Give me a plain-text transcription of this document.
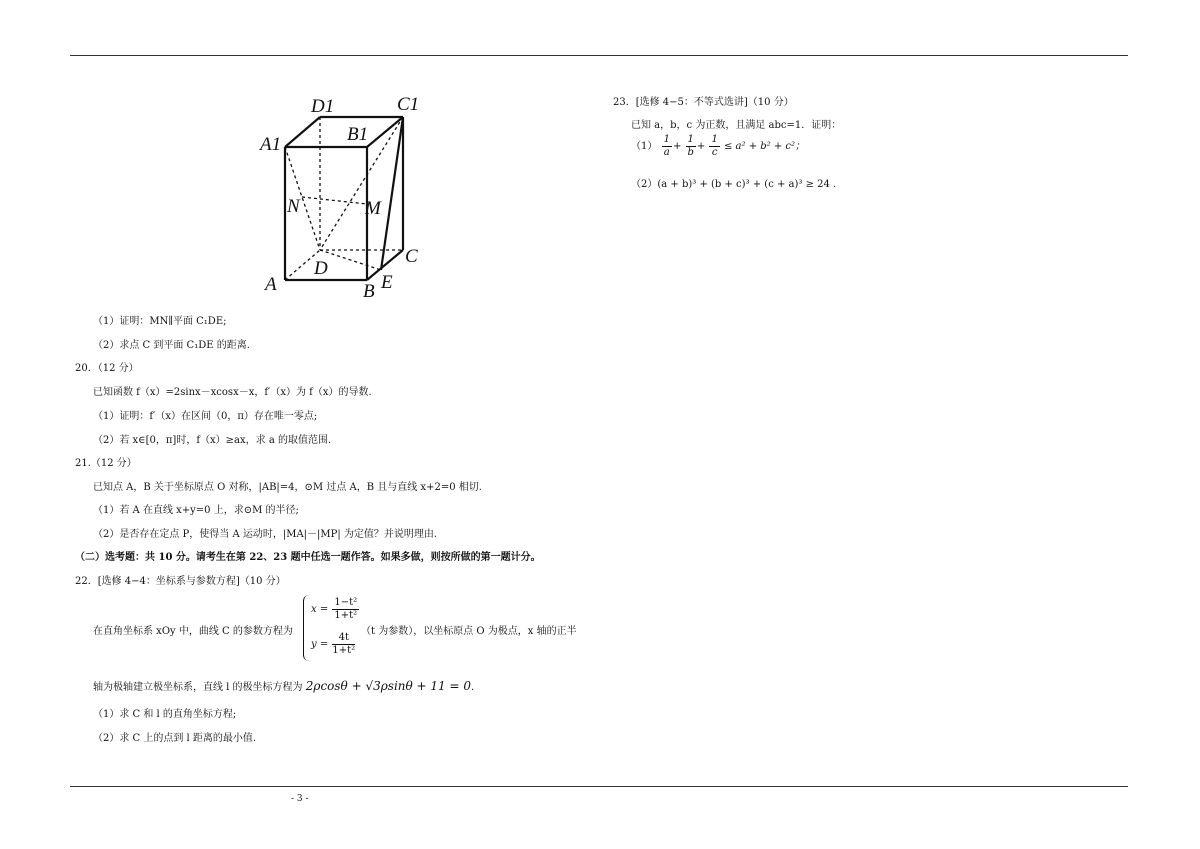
D1	C1
A1	B1
N	M
D
C
A	B E
（1）证明：MN∥平面 C₁DE;
（2）求点 C 到平面 C₁DE 的距离.
20．（12 分）
已知函数 f（x）=2sinx－xcosx－x，f′（x）为 f（x）的导数.
（1）证明：f′（x）在区间（0，π）存在唯一零点;
（2）若 x∈[0，π]时，f（x）≥ax，求 a 的取值范围.
21.（12 分）
已知点 A，B 关于坐标原点 O 对称，|AB|=4，⊙M 过点 A，B 且与直线 x+2=0 相切.
（1）若 A 在直线 x+y=0 上，求⊙M 的半径;
（2）是否存在定点 P，使得当 A 运动时，|MA|－|MP| 为定值？并说明理由.
（二）选考题：共 10 分。请考生在第 22、23 题中任选一题作答。如果多做，则按所做的第一题计分。
22．[选修 4−4：坐标系与参数方程]（10 分）
在直角坐标系 xOy 中，曲线 C 的参数方程为
$x = \frac{\text{1−t²}}{\text{1+t²}}$
$y = \frac{4t}{\text{1+t²}}$
（t 为参数），以坐标原点 O 为极点，x 轴的正半
轴为极轴建立极坐标系，直线 l 的极坐标方程为 2ρcosθ + √3ρsinθ + 11 = 0.
（1）求 C 和 l 的直角坐标方程;
（2）求 C 上的点到 l 距离的最小值.
23．[选修 4−5：不等式选讲]（10 分）
已知 a，b，c 为正数，且满足 abc=1．证明：
$(1) \frac{1}{a} + \frac{1}{b} + \frac{1}{c} \le a^2 + b^2 + c^2$；
（2）(a + b)³ + (b + c)³ + (c + a)³ ≥ 24 .
- 3 -
